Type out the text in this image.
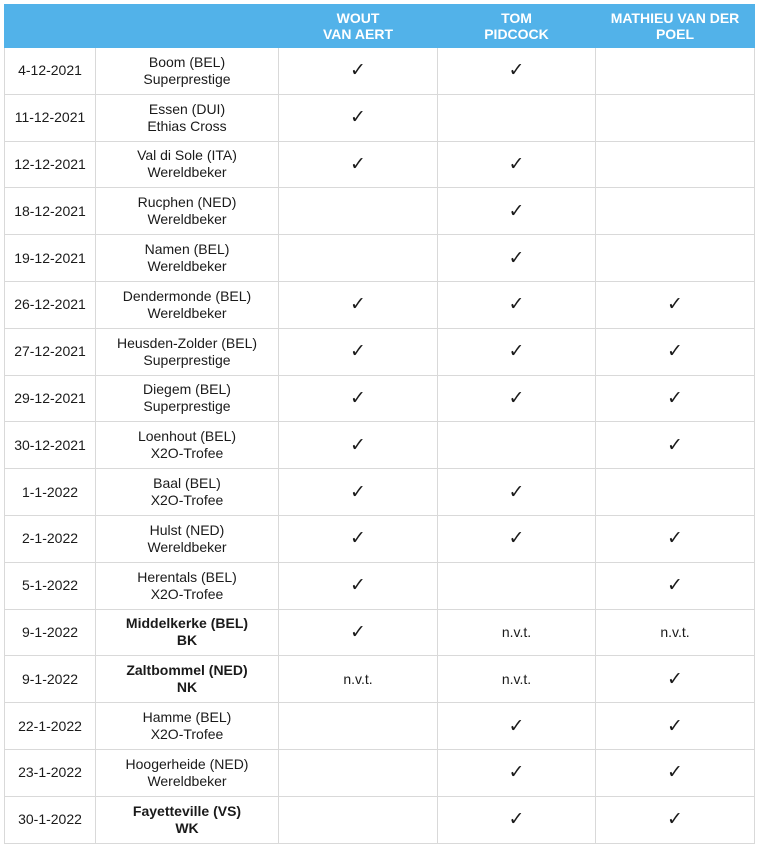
		WOUT
VAN AERT	TOM
PIDCOCK	MATHIEU VAN DER
POEL

4-12-2021	Boom (BEL)
Superprestige	✓	✓	
11-12-2021	Essen (DUI)
Ethias Cross	✓		
12-12-2021	Val di Sole (ITA)
Wereldbeker	✓	✓	
18-12-2021	Rucphen (NED)
Wereldbeker		✓	
19-12-2021	Namen (BEL)
Wereldbeker		✓	
26-12-2021	Dendermonde (BEL)
Wereldbeker	✓	✓	✓
27-12-2021	Heusden-Zolder (BEL)
Superprestige	✓	✓	✓
29-12-2021	Diegem (BEL)
Superprestige	✓	✓	✓
30-12-2021	Loenhout (BEL)
X2O-Trofee	✓		✓
1-1-2022	Baal (BEL)
X2O-Trofee	✓	✓	
2-1-2022	Hulst (NED)
Wereldbeker	✓	✓	✓
5-1-2022	Herentals (BEL)
X2O-Trofee	✓		✓
9-1-2022	Middelkerke (BEL)
BK	✓	n.v.t.	n.v.t.
9-1-2022	Zaltbommel (NED)
NK	n.v.t.	n.v.t.	✓
22-1-2022	Hamme (BEL)
X2O-Trofee		✓	✓
23-1-2022	Hoogerheide (NED)
Wereldbeker		✓	✓
30-1-2022	Fayetteville (VS)
WK		✓	✓
